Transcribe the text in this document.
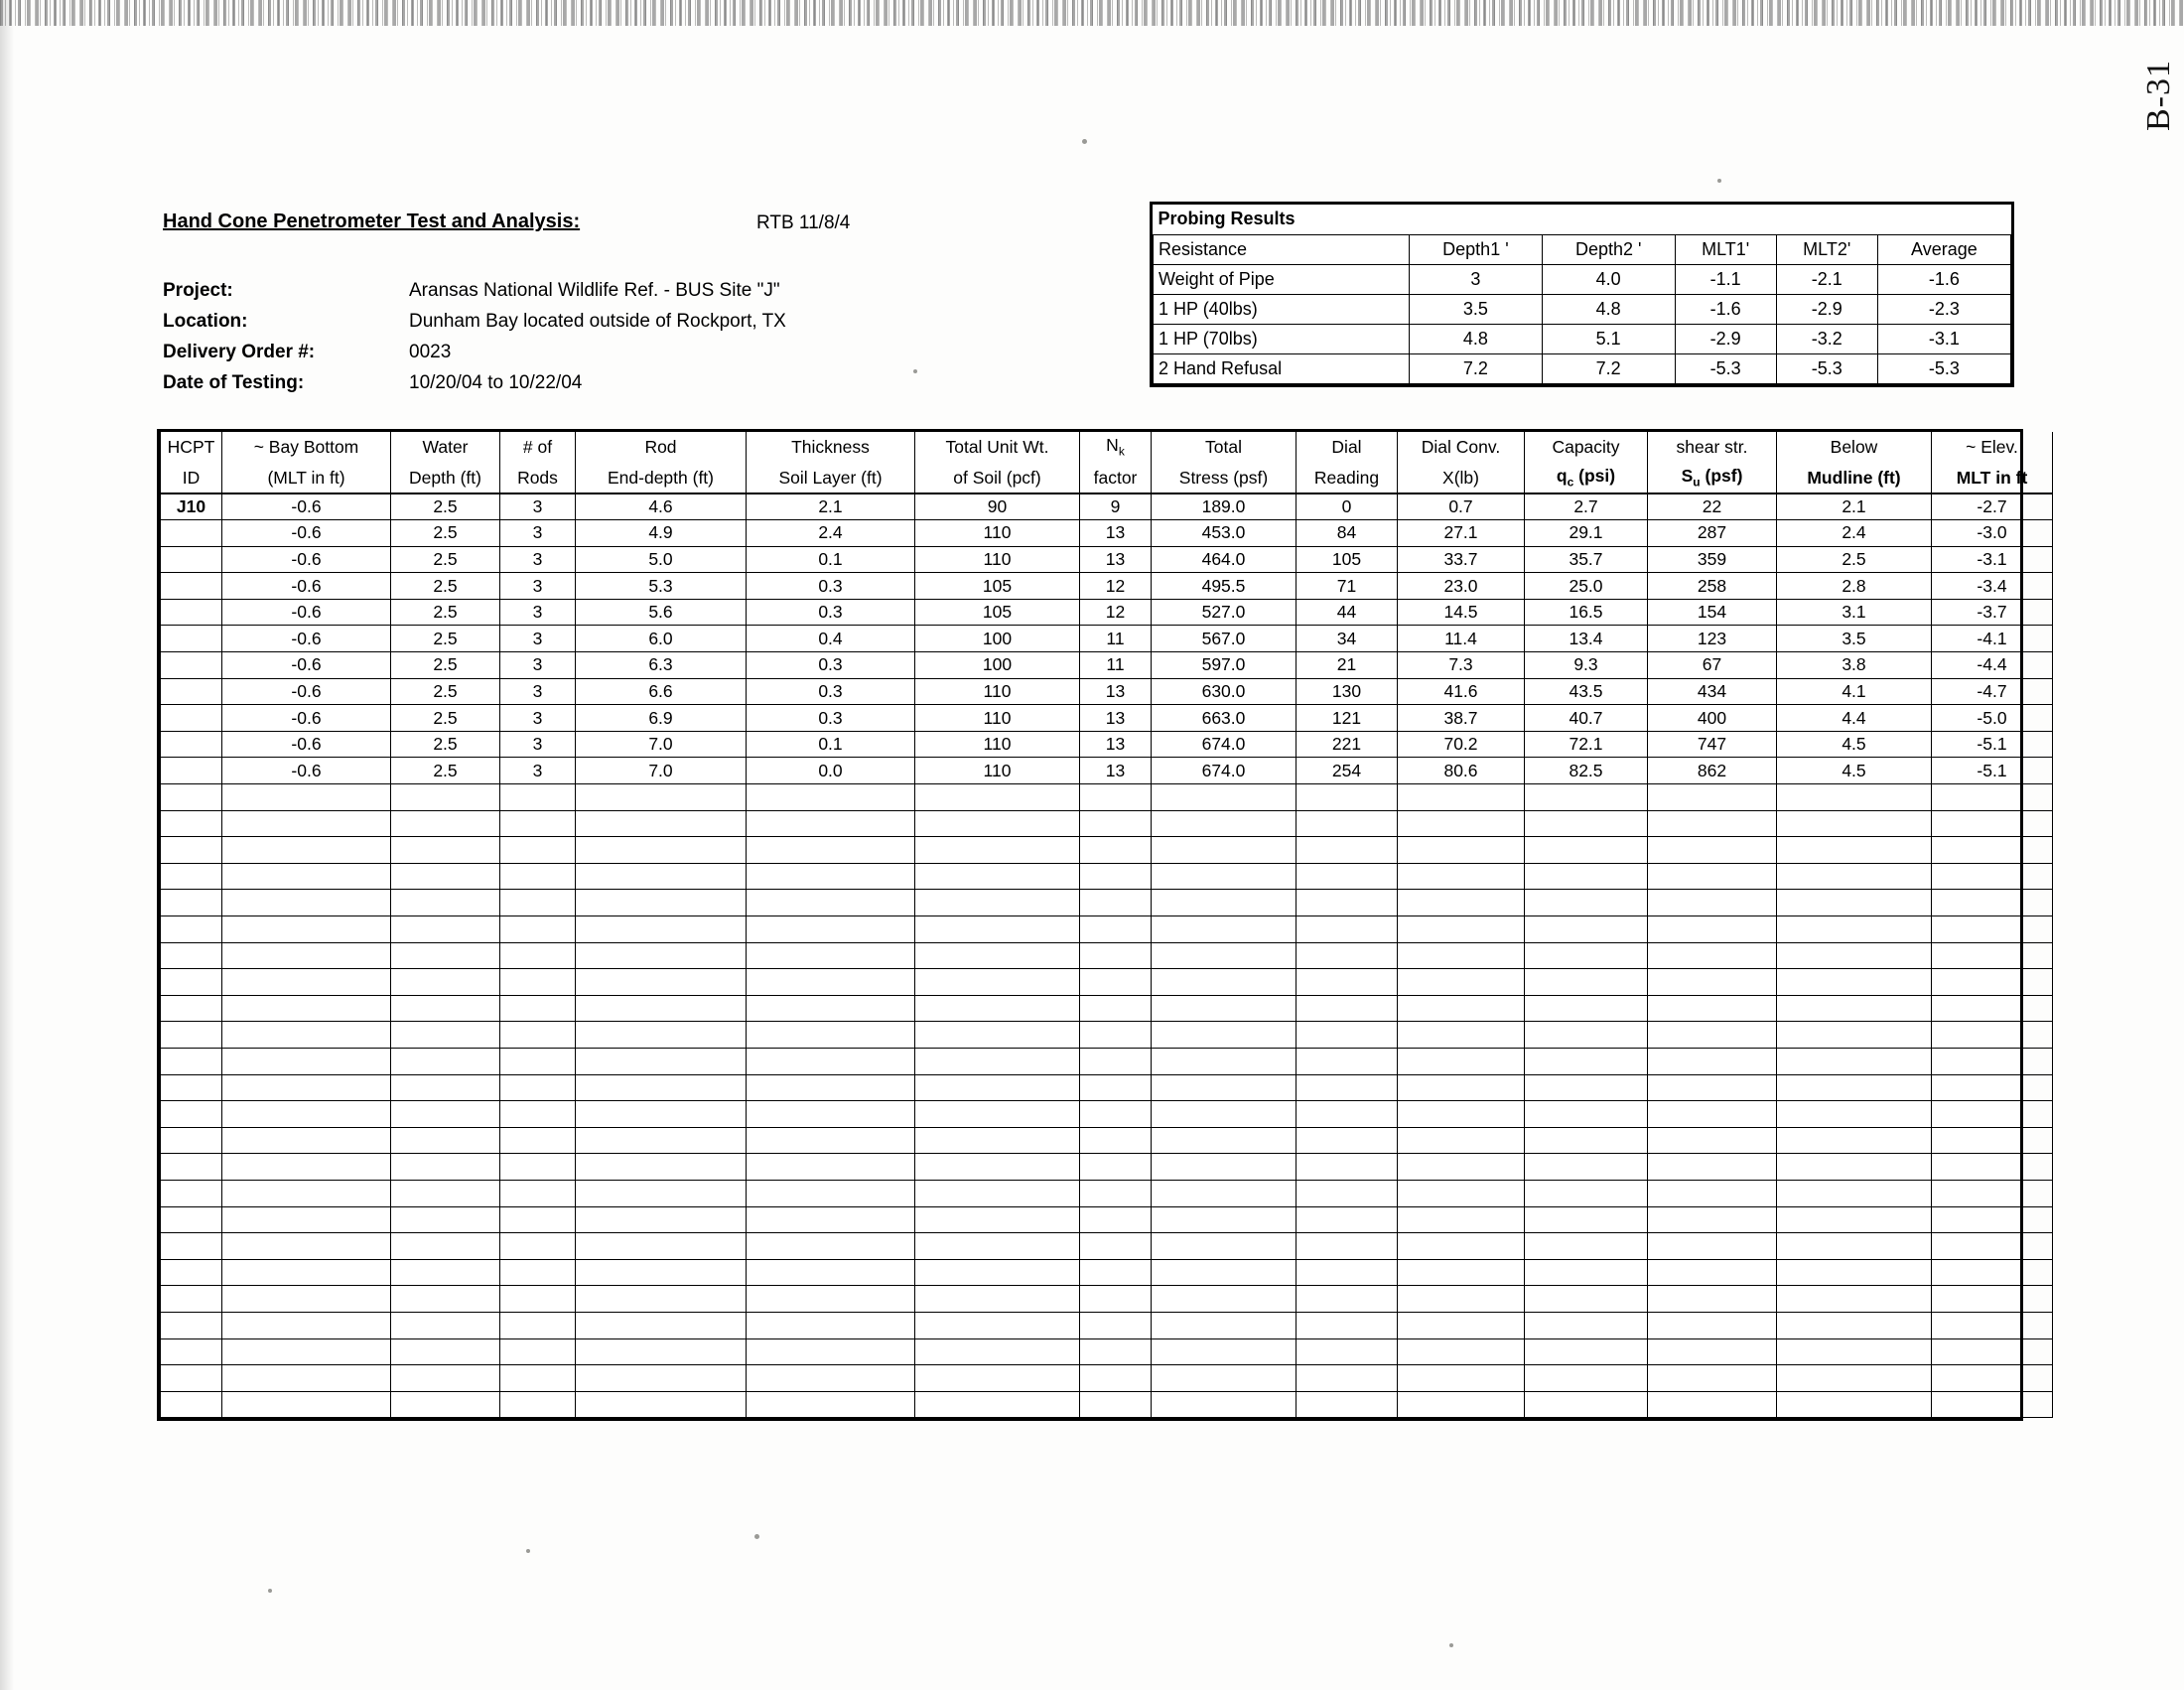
B-31
Hand Cone Penetrometer Test and Analysis:	RTB 11/8/4
Project:	Aransas National Wildlife Ref. - BUS Site "J"
Location:	Dunham Bay located outside of Rockport, TX
Delivery Order #:	0023
Date of Testing:	10/20/04 to 10/22/04
Probing Results					
Resistance	Depth1 '	Depth2 '	MLT1'	MLT2'	Average
Weight of Pipe	3	4.0	-1.1	-2.1	-1.6
1 HP (40lbs)	3.5	4.8	-1.6	-2.9	-2.3
1 HP (70lbs)	4.8	5.1	-2.9	-3.2	-3.1
2 Hand Refusal	7.2	7.2	-5.3	-5.3	-5.3
HCPT	~ Bay Bottom	Water	# of	Rod	Thickness	Total Unit Wt.	$N_k$	Total	Dial	Dial Conv.	Capacity	shear str.	Below	~ Elev.
ID	(MLT in ft)	Depth (ft)	Rods	End-depth (ft)	Soil Layer (ft)	of Soil (pcf)	factor	Stress (psf)	Reading	X(lb)	$q_c$ (psi)	$S_u$ (psf)	Mudline (ft)	MLT in ft
J10	-0.6	2.5	3	4.6	2.1	90	9	189.0	0	0.7	2.7	22	2.1	-2.7
	-0.6	2.5	3	4.9	2.4	110	13	453.0	84	27.1	29.1	287	2.4	-3.0
	-0.6	2.5	3	5.0	0.1	110	13	464.0	105	33.7	35.7	359	2.5	-3.1
	-0.6	2.5	3	5.3	0.3	105	12	495.5	71	23.0	25.0	258	2.8	-3.4
	-0.6	2.5	3	5.6	0.3	105	12	527.0	44	14.5	16.5	154	3.1	-3.7
	-0.6	2.5	3	6.0	0.4	100	11	567.0	34	11.4	13.4	123	3.5	-4.1
	-0.6	2.5	3	6.3	0.3	100	11	597.0	21	7.3	9.3	67	3.8	-4.4
	-0.6	2.5	3	6.6	0.3	110	13	630.0	130	41.6	43.5	434	4.1	-4.7
	-0.6	2.5	3	6.9	0.3	110	13	663.0	121	38.7	40.7	400	4.4	-5.0
	-0.6	2.5	3	7.0	0.1	110	13	674.0	221	70.2	72.1	747	4.5	-5.1
	-0.6	2.5	3	7.0	0.0	110	13	674.0	254	80.6	82.5	862	4.5	-5.1
